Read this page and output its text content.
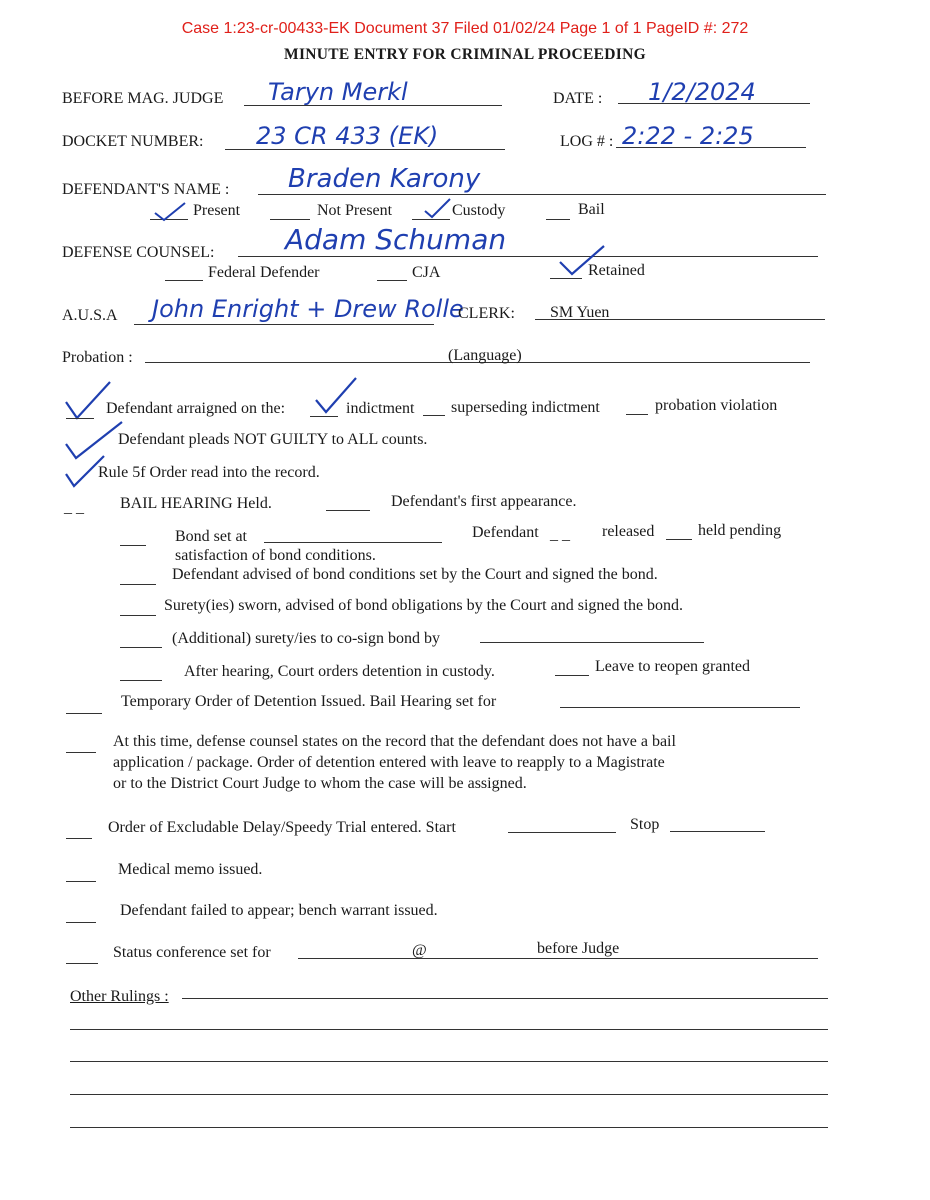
Case 1:23-cr-00433-EK Document 37 Filed 01/02/24 Page 1 of 1 PageID #: 272
MINUTE ENTRY FOR CRIMINAL PROCEEDING
BEFORE MAG. JUDGE Taryn Merkl	DATE : 1/2/2024
DOCKET NUMBER: 23 CR 433 (EK)	LOG # : 2:22 - 2:25
DEFENDANT'S NAME : Braden Karony
Present	Not Present	Custody	Bail
DEFENSE COUNSEL:	Adam Schuman
Federal Defender	CJA	Retained
A.U.S.A John Enright + Drew Rolle
CLERK: SM Yuen
Probation :	(Language)
Defendant arraigned on the:	indictment superseding indictment	probation violation
Defendant pleads NOT GUILTY to ALL counts.
Rule 5f Order read into the record.
_ _ BAIL HEARING Held.	Defendant's first appearance.
Bond set at	Defendant _ _ released	held pending
satisfaction of bond conditions.
Defendant advised of bond conditions set by the Court and signed the bond.
Surety(ies) sworn, advised of bond obligations by the Court and signed the bond.
(Additional) surety/ies to co-sign bond by
After hearing, Court orders detention in custody.	Leave to reopen granted
Temporary Order of Detention Issued. Bail Hearing set for
At this time, defense counsel states on the record that the defendant does not have a bail
application / package. Order of detention entered with leave to reapply to a Magistrate
or to the District Court Judge to whom the case will be assigned.
Order of Excludable Delay/Speedy Trial entered. Start	Stop
Medical memo issued.
Defendant failed to appear; bench warrant issued.
Status conference set for	@	before Judge
Other Rulings :
